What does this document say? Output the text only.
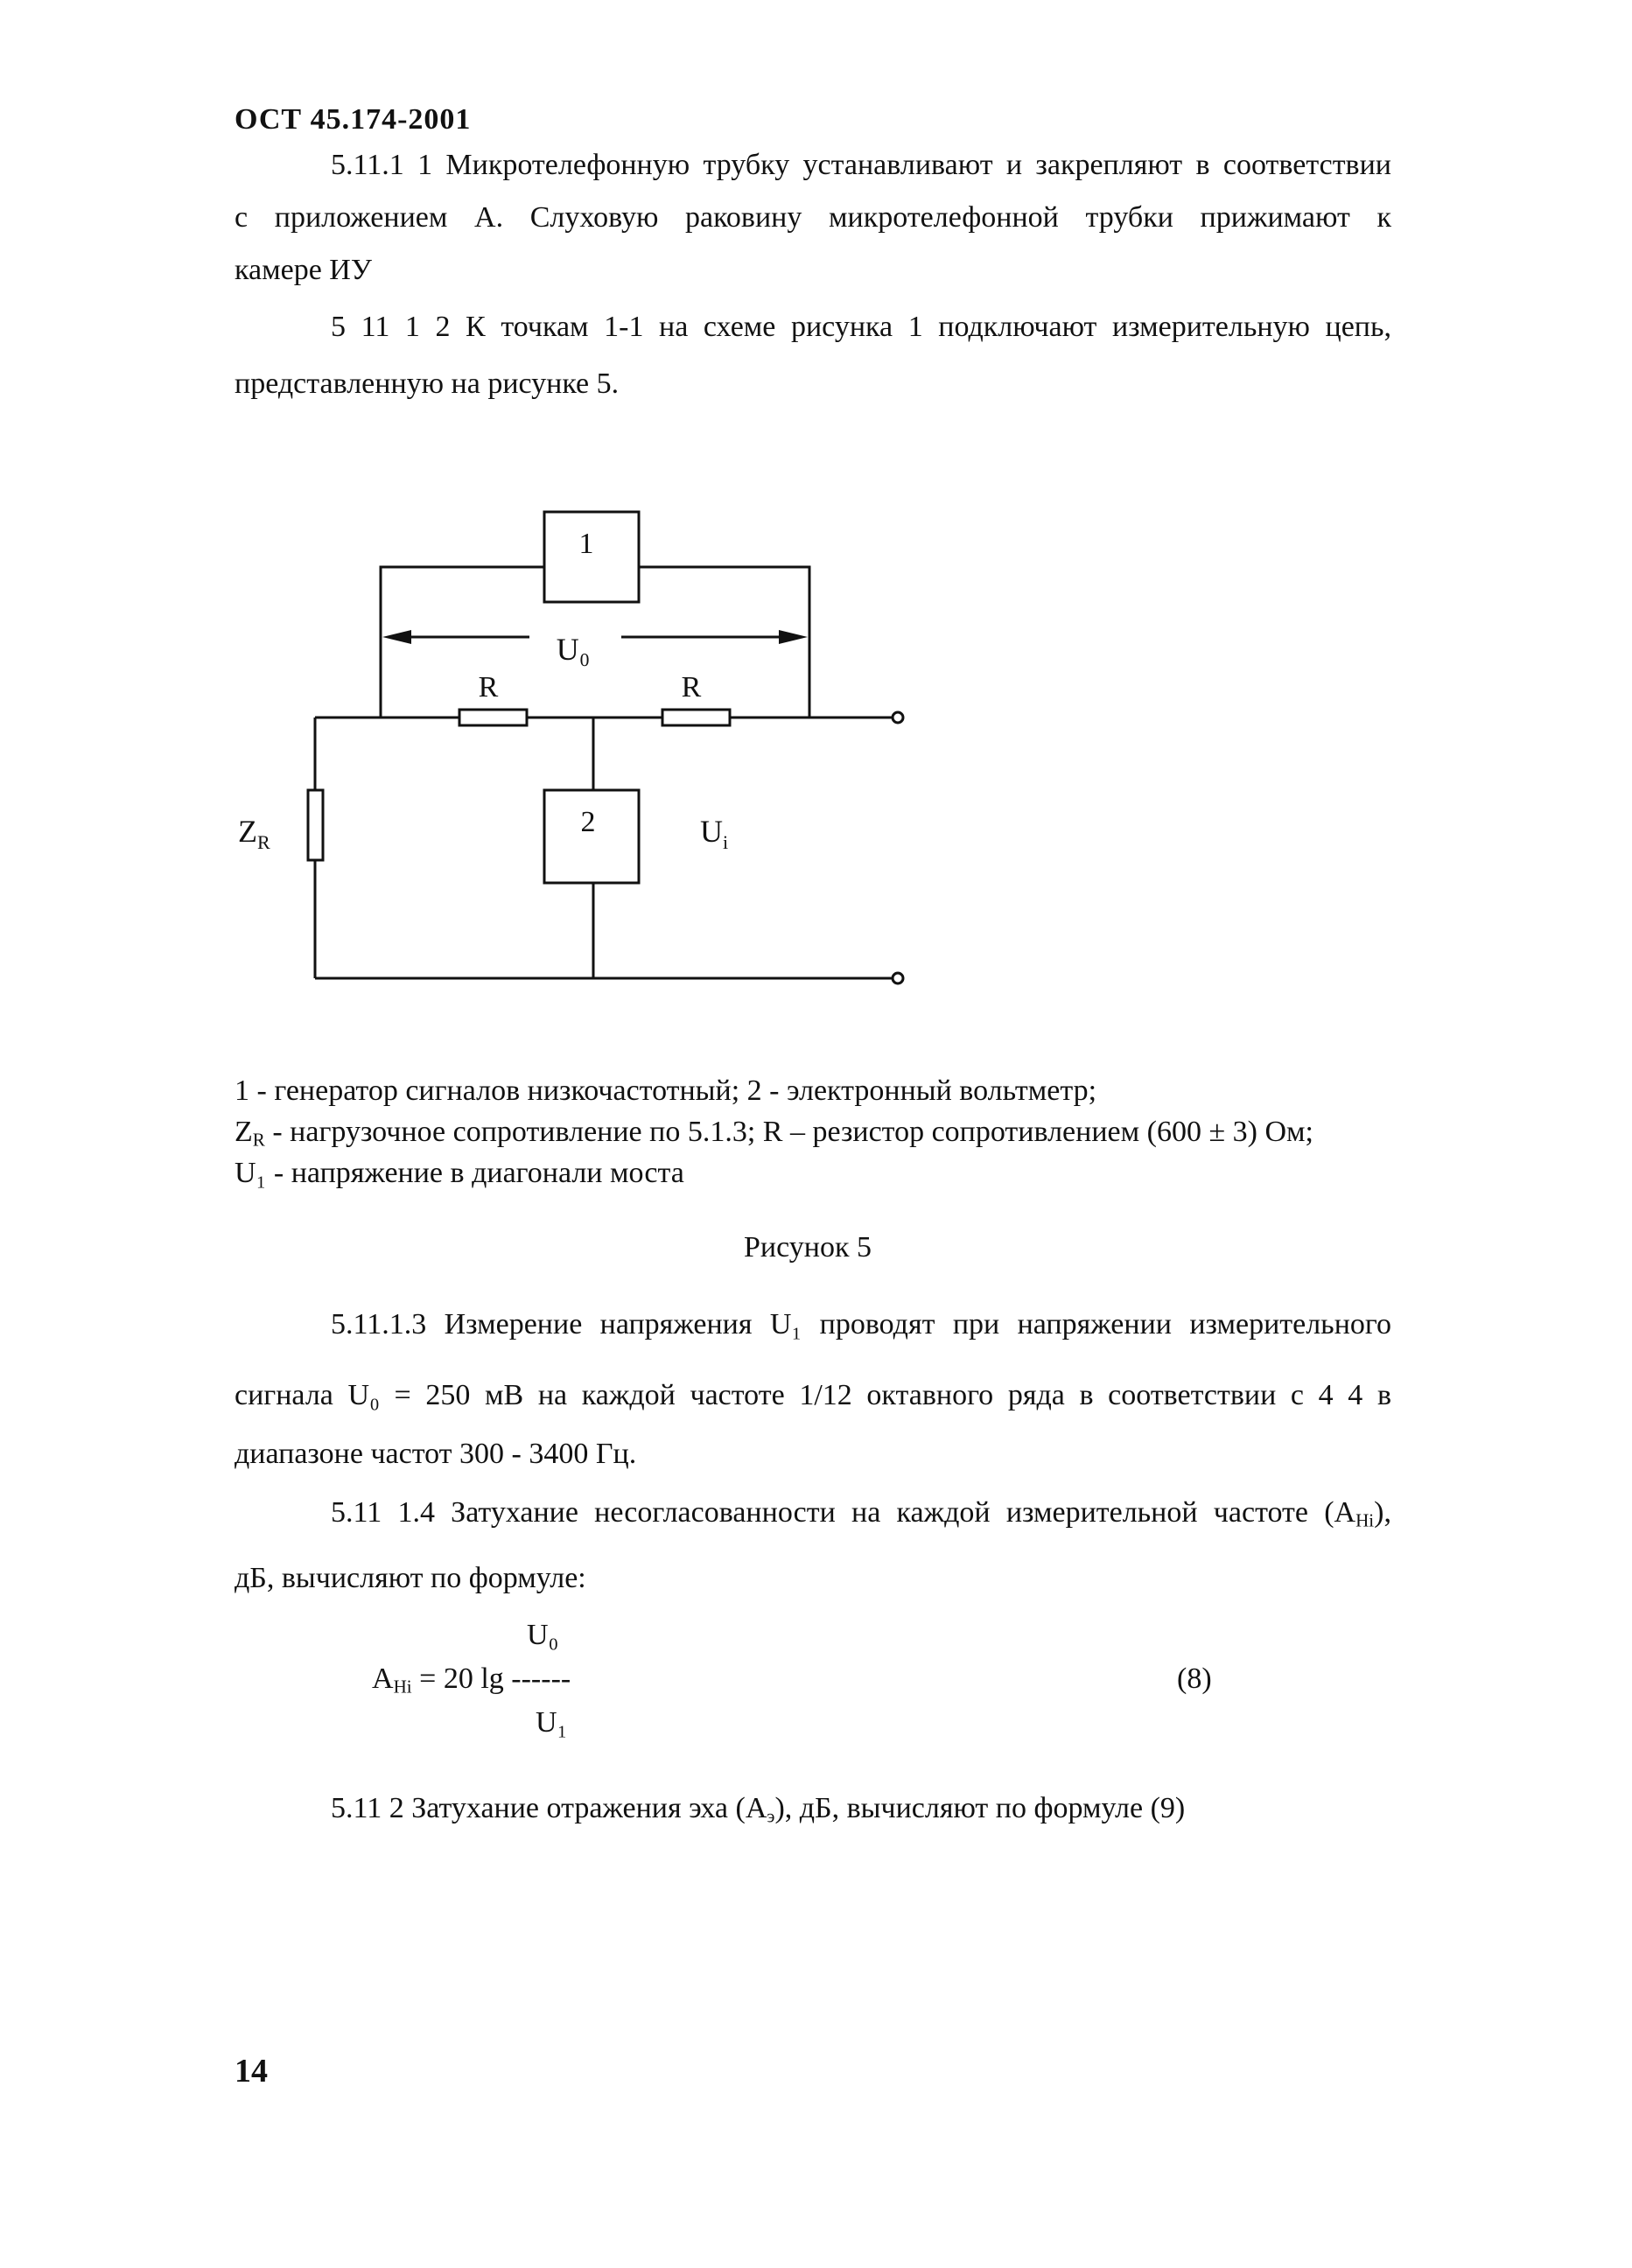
ОСТ 45.174-2001
5.11.1 1 Микротелефонную трубку устанавливают и закрепляют в соответствии
с приложением А. Слуховую раковину микротелефонной трубки прижимают к
камере ИУ
5 11 1 2 К точкам 1-1 на схеме рисунка 1 подключают измерительную цепь,
представленную на рисунке 5.
1
2
U₀
R	R
$U_i$
$Z_R$
1 - генератор сигналов низкочастотный; 2 - электронный вольтметр;
$Z_R$ - нагрузочное сопротивление по 5.1.3; R – резистор сопротивлением (600 ± 3) Ом;
U₁ - напряжение в диагонали моста
Рисунок 5
5.11.1.3 Измерение напряжения U₁ проводят при напряжении измерительного
сигнала U₀ = 250 мВ на каждой частоте 1/12 октавного ряда в соответствии с 4 4 в
диапазоне частот 300 - 3400 Гц.
5.11 1.4 Затухание несогласованности на каждой измерительной частоте $(А_{Hi})$,
дБ, вычисляют по формуле:
U₀
$A_{Hi} = 20$ lg ------
U₁
(8)
5.11 2 Затухание отражения эха $(А_э)$, дБ, вычисляют по формуле (9)
14
